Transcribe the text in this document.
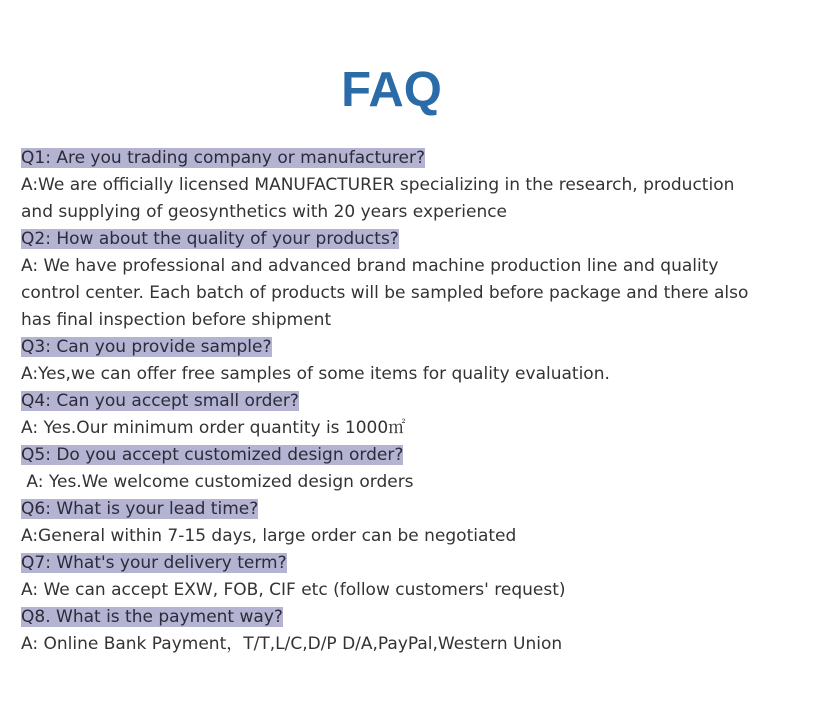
FAQ
Q1: Are you trading company or manufacturer?
A:We are officially licensed MANUFACTURER specializing in the research, production and supplying of geosynthetics with 20 years experience
Q2: How about the quality of your products?
A: We have professional and advanced brand machine production line and quality control center. Each batch of products will be sampled before package and there also has final inspection before shipment
Q3: Can you provide sample?
A:Yes,we can offer free samples of some items for quality evaluation.
Q4: Can you accept small order?
A: Yes.Our minimum order quantity is 1000㎡
Q5: Do you accept customized design order?
A: Yes.We welcome customized design orders
Q6: What is your lead time?
A:General within 7-15 days, large order can be negotiated
Q7: What's your delivery term?
A: We can accept EXW, FOB, CIF etc (follow customers' request)
Q8. What is the payment way?
A: Online Bank Payment，T/T,L/C,D/P D/A,PayPal,Western Union
